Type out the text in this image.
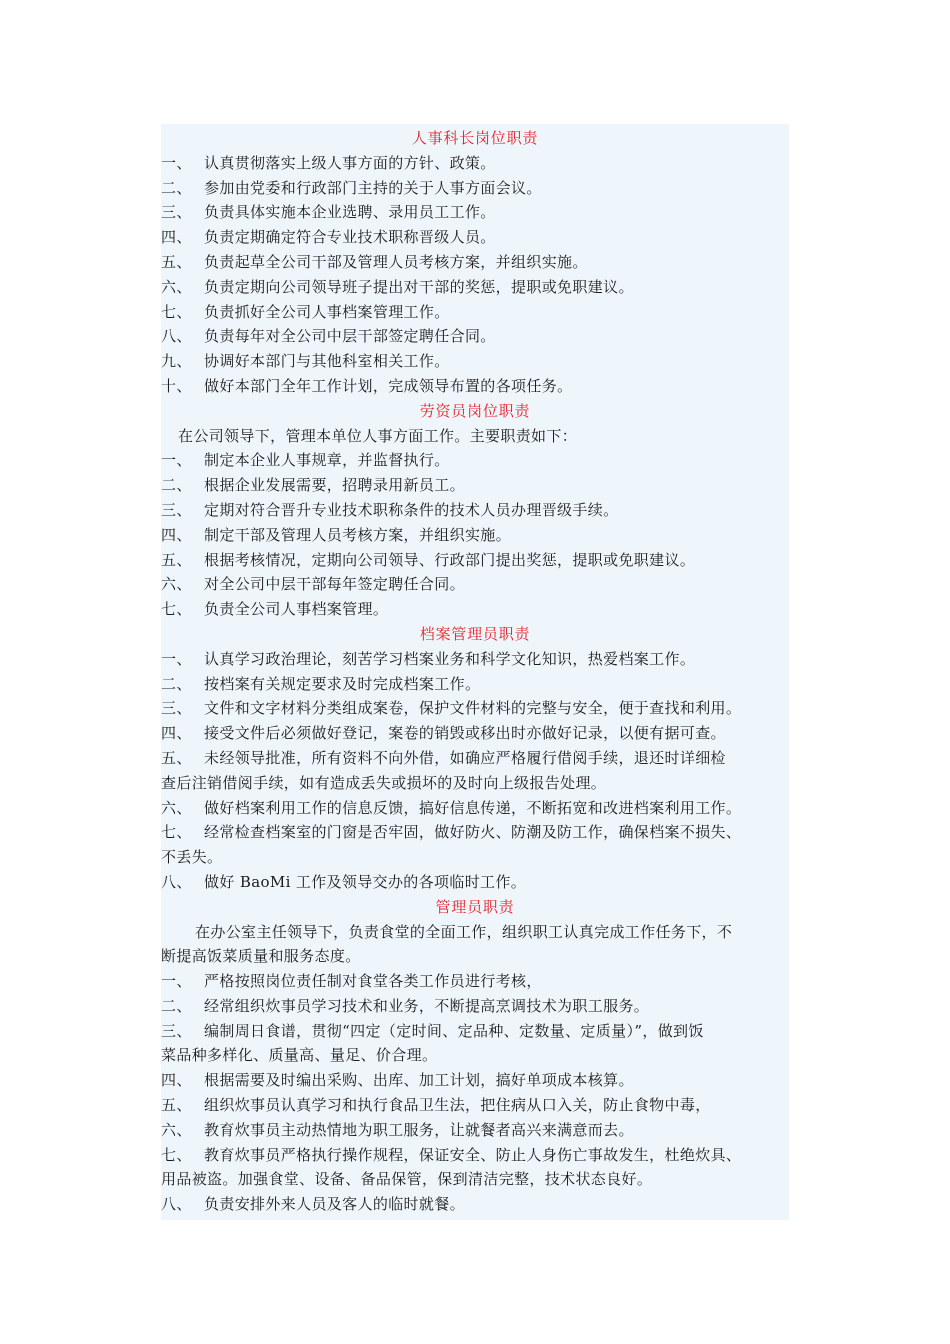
人事科长岗位职责
一、 认真贯彻落实上级人事方面的方针、政策。
二、 参加由党委和行政部门主持的关于人事方面会议。
三、 负责具体实施本企业选聘、录用员工工作。
四、 负责定期确定符合专业技术职称晋级人员。
五、 负责起草全公司干部及管理人员考核方案，并组织实施。
六、 负责定期向公司领导班子提出对干部的奖惩，提职或免职建议。
七、 负责抓好全公司人事档案管理工作。
八、 负责每年对全公司中层干部签定聘任合同。
九、 协调好本部门与其他科室相关工作。
十、 做好本部门全年工作计划，完成领导布置的各项任务。
劳资员岗位职责
在公司领导下，管理本单位人事方面工作。主要职责如下：
一、 制定本企业人事规章，并监督执行。
二、 根据企业发展需要，招聘录用新员工。
三、 定期对符合晋升专业技术职称条件的技术人员办理晋级手续。
四、 制定干部及管理人员考核方案，并组织实施。
五、 根据考核情况，定期向公司领导、行政部门提出奖惩，提职或免职建议。
六、 对全公司中层干部每年签定聘任合同。
七、 负责全公司人事档案管理。
档案管理员职责
一、 认真学习政治理论，刻苦学习档案业务和科学文化知识，热爱档案工作。
二、 按档案有关规定要求及时完成档案工作。
三、 文件和文字材料分类组成案卷，保护文件材料的完整与安全，便于查找和利用。
四、 接受文件后必须做好登记，案卷的销毁或移出时亦做好记录，以便有据可查。
五、 未经领导批准，所有资料不向外借，如确应严格履行借阅手续，退还时详细检
查后注销借阅手续，如有造成丢失或损坏的及时向上级报告处理。
六、 做好档案利用工作的信息反馈，搞好信息传递，不断拓宽和改进档案利用工作。
七、 经常检查档案室的门窗是否牢固，做好防火、防潮及防工作，确保档案不损失、
不丢失。
八、 做好 BaoMi 工作及领导交办的各项临时工作。
管理员职责
在办公室主任领导下，负责食堂的全面工作，组织职工认真完成工作任务下，不
断提高饭菜质量和服务态度。
一、 严格按照岗位责任制对食堂各类工作员进行考核，
二、 经常组织炊事员学习技术和业务，不断提高烹调技术为职工服务。
三、 编制周日食谱，贯彻“四定（定时间、定品种、定数量、定质量）”，做到饭
菜品种多样化、质量高、量足、价合理。
四、 根据需要及时编出采购、出库、加工计划，搞好单项成本核算。
五、 组织炊事员认真学习和执行食品卫生法，把住病从口入关，防止食物中毒，
六、 教育炊事员主动热情地为职工服务，让就餐者高兴来满意而去。
七、 教育炊事员严格执行操作规程，保证安全、防止人身伤亡事故发生，杜绝炊具、
用品被盗。加强食堂、设备、备品保管，保到清洁完整，技术状态良好。
八、 负责安排外来人员及客人的临时就餐。
